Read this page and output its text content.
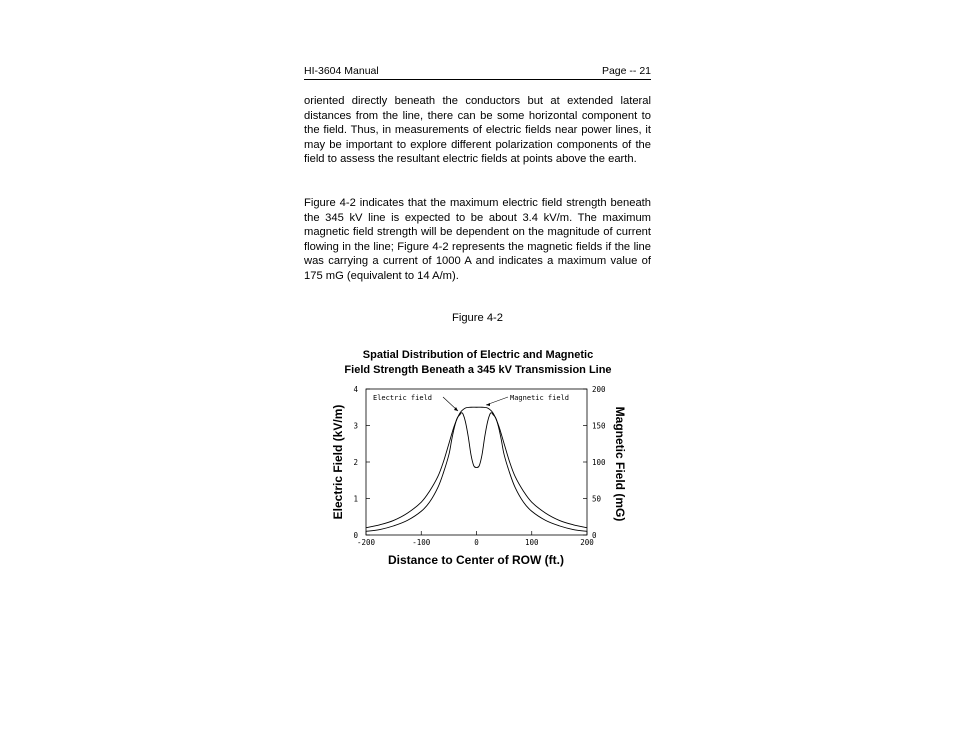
HI-3604 Manual	Page -- 21

oriented directly beneath the conductors but at extended lateral distances from the line, there can be some horizontal component to the field. Thus, in measurements of electric fields near power lines, it may be important to explore different polarization components of the field to assess the resultant electric fields at points above the earth.

Figure 4-2 indicates that the maximum electric field strength beneath the 345 kV line is expected to be about 3.4 kV/m. The maximum magnetic field strength will be dependent on the magnitude of current flowing in the line; Figure 4-2 represents the magnetic fields if the line was carrying a current of 1000 A and indicates a maximum value of 175 mG (equivalent to 14 A/m).

Figure 4-2
Spatial Distribution of Electric and Magnetic
Field Strength Beneath a 345 kV Transmission Line
-200	-100	0	100	200
0
1
2
3
4
0
50
100
150
200
Electric field	Magnetic field
Distance to Center of ROW (ft.)
Electric Field (kV/m)	Magnetic Field (mG)
